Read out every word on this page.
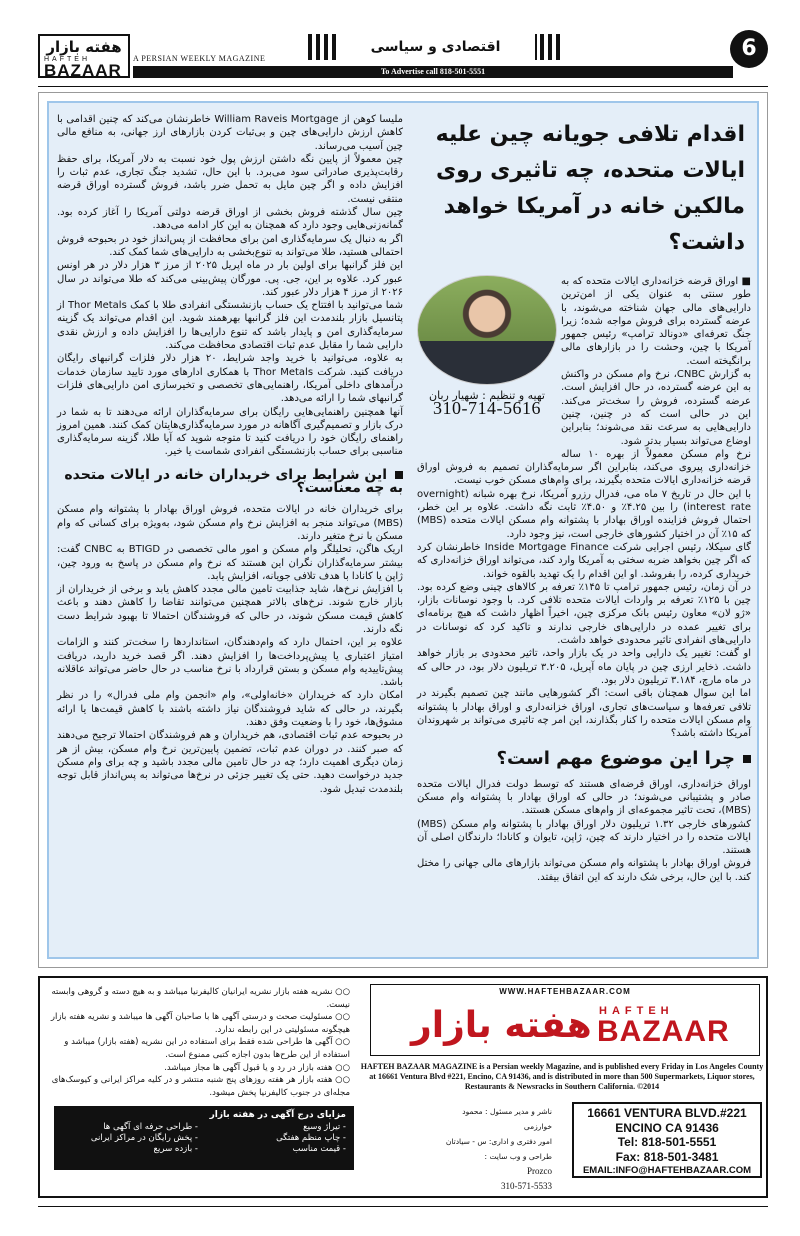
هفته بازار
HAFTEH
BAZAAR
A PERSIAN WEEKLY MAGAZINE
اقتصادی و سیاسی
To Advertise call 818-501-5551
6
اقدام تلافی جویانه چین علیه ایالات متحده، چه تاثیری روی مالکین خانه در آمریکا خواهد داشت؟
تهیه و تنظیم : شهیار ربان
310-714-5616

■ اوراق قرضه خزانه‌داری ایالات متحده که به طور سنتی به عنوان یکی از امن‌ترین دارایی‌های مالی جهان شناخته می‌شوند، با عرضه گسترده برای فروش مواجه شده؛ زیرا جنگ تعرفه‌ای «دونالد ترامپ» رئیس جمهور آمریکا با چین، وحشت را در بازارهای مالی برانگیخته است.

به گزارش CNBC، نرخ وام مسکن در واکنش به این عرضه گسترده، در حال افزایش است. عرضه گسترده، فروش را سخت‌تر می‌کند. این در حالی است که در چنین، چنین دارایی‌هایی به سرعت نقد می‌شوند؛ بنابراین اوضاع می‌تواند بسیار بدتر شود.

نرخ وام مسکن معمولاً از بهره ۱۰ ساله خزانه‌داری پیروی می‌کند، بنابراین اگر سرمایه‌گذاران تصمیم به فروش اوراق قرضه خزانه‌داری ایالات متحده بگیرند، برای وام‌های مسکن خوب نیست.

با این حال در تاریخ ۷ ماه می، فدرال رزرو آمریکا، نرخ بهره شبانه (overnight interest rate) را بین ۴.۲۵٪ و ۴.۵۰٪ ثابت نگه داشت. علاوه بر این خطر، احتمال فروش فزاینده اوراق بهادار با پشتوانه وام مسکن ایالات متحده (MBS) که ۱۵٪ آن در اختیار کشورهای خارجی است، نیز وجود دارد.

گای سیکلا، رئیس اجرایی شرکت Inside Mortgage Finance خاطرنشان کرد که اگر چین بخواهد ضربه سختی به آمریکا وارد کند، می‌تواند اوراق خزانه‌داری که خریداری کرده، را بفروشد. او این اقدام را یک تهدید بالقوه خواند.

در آن زمان، رئیس جمهور ترامپ تا ۱۴۵٪ تعرفه بر کالاهای چینی وضع کرده بود. چین با ۱۲۵٪ تعرفه بر واردات ایالات متحده تلافی کرد. با وجود نوسانات بازار، «ژو لان» معاون رئیس بانک مرکزی چین، اخیراً اظهار داشت که هیچ برنامه‌ای برای تغییر عمده در دارایی‌های خارجی ندارند و تاکید کرد که نوسانات در دارایی‌های انفرادی تاثیر محدودی خواهد داشت.

او گفت: تغییر یک دارایی واحد در یک بازار واحد، تاثیر محدودی بر بازار خواهد داشت. ذخایر ارزی چین در پایان ماه آپریل، ۳.۲۰۵ تریلیون دلار بود، در حالی که در ماه مارچ، ۳.۱۸۴ تریلیون دلار بود.

اما این سوال همچنان باقی است: اگر کشورهایی مانند چین تصمیم بگیرند در تلافی تعرفه‌ها و سیاست‌های تجاری، اوراق خزانه‌داری و اوراق بهادار با پشتوانه وام مسکن ایالات متحده را کنار بگذارند، این امر چه تاثیری می‌تواند بر شهروندان آمریکا داشته باشد؟

چرا این موضوع مهم است؟

اوراق خزانه‌داری، اوراق قرضه‌ای هستند که توسط دولت فدرال ایالات متحده صادر و پشتیبانی می‌شوند؛ در حالی که اوراق بهادار با پشتوانه وام مسکن (MBS)، تحت تاثیر مجموعه‌ای از وام‌های مسکن هستند.

کشورهای خارجی ۱.۳۲ تریلیون دلار اوراق بهادار با پشتوانه وام مسکن (MBS) ایالات متحده را در اختیار دارند که چین، ژاپن، تایوان و کانادا؛ دارندگان اصلی آن هستند.

فروش اوراق بهادار با پشتوانه وام مسکن می‌تواند بازارهای مالی جهانی را مختل کند. با این حال، برخی شک دارند که این اتفاق بیفتد.

ملیسا کوهن از William Raveis Mortgage خاطرنشان می‌کند که چنین اقدامی با کاهش ارزش دارایی‌های چین و بی‌ثبات کردن بازارهای ارز جهانی، به منافع مالی چین آسیب می‌رساند.

چین معمولاً از پایین نگه داشتن ارزش پول خود نسبت به دلار آمریکا، برای حفظ رقابت‌پذیری صادراتی سود می‌برد. با این حال، تشدید جنگ تجاری، عدم ثبات را افزایش داده و اگر چین مایل به تحمل ضرر باشد، فروش گسترده اوراق قرضه منتفی نیست.

چین سال گذشته فروش بخشی از اوراق قرضه دولتی آمریکا را آغاز کرده بود. گمانه‌زنی‌هایی وجود دارد که همچنان به این کار ادامه می‌دهد.

اگر به دنبال یک سرمایه‌گذاری امن برای محافظت از پس‌انداز خود در بحبوحه فروش احتمالی هستید، طلا می‌تواند به تنوع‌بخشی به دارایی‌های شما کمک کند.

این فلز گرانبها برای اولین بار در ماه اپریل ۲۰۲۵ از مرز ۳ هزار دلار در هر اونس عبور کرد. علاوه بر این، جی. پی. مورگان پیش‌بینی می‌کند که طلا می‌تواند در سال ۲۰۲۶ از مرز ۴ هزار دلار عبور کند.

شما می‌توانید با افتتاح یک حساب بازنشستگی انفرادی طلا با کمک Thor Metals از پتانسیل بازار بلندمدت این فلز گرانبها بهرهمند شوید. این اقدام می‌تواند یک گزینه سرمایه‌گذاری امن و پایدار باشد که تنوع دارایی‌ها را افزایش داده و ارزش نقدی دارایی شما را مقابل عدم ثبات اقتصادی محافظت می‌کند.

به علاوه، می‌توانید با خرید واجد شرایط، ۲۰ هزار دلار فلزات گرانبهای رایگان دریافت کنید. شرکت Thor Metals با همکاری ادارهای مورد تایید سازمان خدمات درآمدهای داخلی آمریکا، راهنمایی‌های تخصصی و تخیرسازی امن دارایی‌های فلزات گرانبهای شما را ارائه می‌دهد.

آنها همچنین راهنمایی‌هایی رایگان برای سرمایه‌گذاران ارائه می‌دهند تا به شما در درک بازار و تصمیم‌گیری آگاهانه در مورد سرمایه‌گذاری‌هایتان کمک کنند. همین امروز راهنمای رایگان خود را دریافت کنید تا متوجه شوید که آیا طلا، گزینه سرمایه‌گذاری مناسبی برای حساب بازنشستگی انفرادی شماست یا خیر.

این شرایط برای خریداران خانه در ایالات متحده به چه معناست؟

برای خریداران خانه در ایالات متحده، فروش اوراق بهادار با پشتوانه وام مسکن (MBS) می‌تواند منجر به افزایش نرخ وام مسکن شود، به‌ویژه برای کسانی که وام مسکن با نرخ متغیر دارند.

اریک هاگن، تحلیلگر وام مسکن و امور مالی تخصصی در BTIGD به CNBC گفت: بیشتر سرمایه‌گذاران نگران این هستند که نرخ وام مسکن در پاسخ به ورود چین، ژاپن یا کانادا با هدف تلافی جویانه، افزایش یابد.

با افزایش نرخ‌ها، شاید جذابیت تامین مالی مجدد کاهش یابد و برخی از خریداران از بازار خارج شوند. نرخ‌های بالاتر همچنین می‌توانند تقاضا را کاهش دهند و باعث کاهش قیمت مسکن شوند، در حالی که فروشندگان احتمالا تا بهبود شرایط دست نگه دارند.

علاوه بر این، احتمال دارد که وام‌دهندگان، استانداردها را سخت‌تر کنند و الزامات امتیاز اعتباری یا پیش‌پرداخت‌ها را افزایش دهند. اگر قصد خرید دارید، دریافت پیش‌تاییدیه وام مسکن و بستن قرارداد با نرخ مناسب در حال حاضر می‌تواند عاقلانه باشد.

امکان دارد که خریداران «خانه‌اولی»، وام «انجمن وام ملی فدرال» را در نظر بگیرند، در حالی که شاید فروشندگان نیاز داشته باشند با کاهش قیمت‌ها یا ارائه مشوق‌ها، خود را با وضعیت وفق دهند.

در بحبوحه عدم ثبات اقتصادی، هم خریداران و هم فروشندگان احتمالا ترجیح می‌دهند که صبر کنند. در دوران عدم ثبات، تضمین پایین‌ترین نرخ وام مسکن، بیش از هر زمان دیگری اهمیت دارد؛ چه در حال تامین مالی مجدد باشید و چه برای وام مسکن جدید درخواست دهید. حتی یک تغییر جزئی در نرخ‌ها می‌تواند به پس‌انداز قابل توجه بلندمدت تبدیل شود.

○○ نشریه هفته بازار نشریه ایرانیان کالیفرنیا میباشد و به هیچ دسته و گروهی وابسته نیست.
○○ مسئولیت صحت و درستی آگهی ها با صاحبان آگهی ها میباشد و نشریه هفته بازار هیچگونه مسئولیتی در این رابطه ندارد.
○○ آگهی ها طراحی شده فقط برای استفاده در این نشریه (هفته بازار) میباشد و استفاده از این طرح‌ها بدون اجازه کتبی ممنوع است.
○○ هفته بازار در رد و یا قبول آگهی ها مجاز میباشد.
○○ هفته بازار هر هفته روزهای پنج شنبه منتشر و در کلیه مراکز ایرانی و کیوسک‌های مجله‌ای در جنوب کالیفرنیا پخش میشود.
WWW.HAFTEHBAZAAR.COM
هفته بازار HAFTEH
BAZAAR
HAFTEH BAZAAR MAGAZINE is a Persian weekly Magazine, and is published every Friday in Los Angeles County at 16661 Ventura Blvd #221, Encino, CA 91436, and is distributed in more than 500 Supermarkets, Liquor stores, Restaurants & Newsracks in Southern California. ©2014
مزایای درج آگهی در هفته بازار
- تیراژ وسیع
- طراحی حرفه ای آگهی ها
- چاپ منظم هفتگی
- پخش رایگان در مراکز ایرانی
- قیمت مناسب
- بازده سریع
ناشر و مدیر مسئول : محمود خوارزمی
امور دفتری و اداری: س - سیادتان
طراحی و وب سایت :
Prozco
310-571-5533
16661 VENTURA BLVD.#221
ENCINO CA 91436
Tel: 818-501-5551
Fax: 818-501-3481
EMAIL:INFO@HAFTEHBAZAAR.COM
